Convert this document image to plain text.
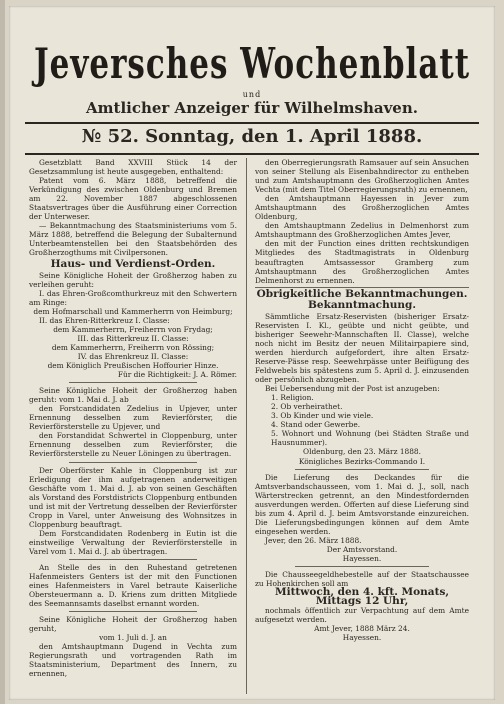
Jeversches Wochenblatt
und
Amtlicher Anzeiger für Wilhelmshaven.
№ 52. Sonntag, den 1. April 1888.

Gesetzblatt Band XXVIII Stück 14 der Gesetzsammlung ist heute ausgegeben, enthaltend:

Patent vom 6. März 1888, betreffend die Verkündigung des zwischen Oldenburg und Bremen am 22. November 1887 abgeschlossenen Staatsvertrages über die Ausführung einer Correction der Unterweser.

— Bekanntmachung des Staatsministeriums vom 5. März 1888, betreffend die Belegung der Subalternund Unterbeamtenstellen bei den Staatsbehörden des Großherzogthums mit Civilpersonen.

Haus- und Verdienst-Orden.

Seine Königliche Hoheit der Großherzog haben zu verleihen geruht:

I. das Ehren-Großcomthurkreuz mit den Schwertern am Ringe:

dem Hofmarschall und Kammerherrn von Heimburg;

II. das Ehren-Ritterkreuz I. Classe:

dem Kammerherrn, Freiherrn von Frydag;

III. das Ritterkreuz II. Classe:

dem Kammerherrn, Freiherrn von Rössing;

IV. das Ehrenkreuz II. Classe:

dem Königlich Preußischen Hoffourier Hinze.

Für die Richtigkeit: J. A. Römer.

Seine Königliche Hoheit der Großherzog haben geruht: vom 1. Mai d. J. ab

den Forstcandidaten Zedelius in Upjever, unter Ernennung desselben zum Revierförster, die Revierförsterstelle zu Upjever, und

den Forstandidat Schwertel in Cloppenburg, unter Ernennung desselben zum Revierförster, die Revierförsterstelle zu Neuer Löningen zu übertragen.

Der Oberförster Kahle in Cloppenburg ist zur Erledigung der ihm aufgetragenen anderweitigen Geschäfte vom 1. Mai d. J. ab von seinen Geschäften als Vorstand des Forstdistricts Cloppenburg entbunden und ist mit der Vertretung desselben der Revierförster Cropp in Varel, unter Anweisung des Wohnsitzes in Cloppenburg beauftragt.

Dem Forstcandidaten Rodenberg in Eutin ist die einstweilige Verwaltung der Revierförsterstelle in Varel vom 1. Mai d. J. ab übertragen.

An Stelle des in den Ruhestand getretenen Hafenmeisters Genters ist der mit den Functionen eines Hafenmeisters in Varel betraute Kaiserliche Obersteuermann a. D. Kriens zum dritten Mitgliede des Seemannsamts daselbst ernannt worden.

Seine Königliche Hoheit der Großherzog haben geruht,

vom 1. Juli d. J. an

den Amtshauptmann Dugend in Vechta zum Regierungsrath und vortragenden Rath im Staatsministerium, Department des Innern, zu ernennen,

den Oberregierungsrath Ramsauer auf sein Ansuchen von seiner Stellung als Eisenbahndirector zu entheben und zum Amtshauptmann des Großherzoglichen Amtes Vechta (mit dem Titel Oberregierungsrath) zu ernennen,

den Amtshauptmann Hayessen in Jever zum Amtshauptmann des Großherzoglichen Amtes Oldenburg,

den Amtshauptmann Zedelius in Delmenhorst zum Amtshauptmann des Großherzoglichen Amtes Jever,

den mit der Function eines dritten rechtskundigen Mitgliedes des Stadtmagistrats in Oldenburg beauftragten Amtsassessor Gramberg zum Amtshauptmann des Großherzoglichen Amtes Delmenhorst zu ernennen.

Obrigkeitliche Bekanntmachungen.

Bekanntmachung.

Sämmtliche Ersatz-Reservisten (bisheriger Ersatz-Reservisten I. Kl., geübte und nicht geübte, und bisheriger Seewehr-Mannschaften II. Classe), welche noch nicht im Besitz der neuen Militairpapiere sind, werden hierdurch aufgefordert, ihre alten Ersatz-Reserve-Pässe resp. Seewehrpässe unter Beifügung des Feldwebels bis spätestens zum 5. April d. J. einzusenden oder persönlich abzugeben.

Bei Uebersendung mit der Post ist anzugeben:

1. Religion.

2. Ob verheirathet.

3. Ob Kinder und wie viele.

4. Stand oder Gewerbe.

5. Wohnort und Wohnung (bei Städten Straße und Hausnummer).

Oldenburg, den 23. März 1888.

Königliches Bezirks-Commando I.

Die Lieferung des Deckandes für die Amtsverbandschausseen, vom 1. Mai d. J., soll, nach Wärterstrecken getrennt, an den Mindestfordernden ausverdungen werden. Offerten auf diese Lieferung sind bis zum 4. April d. J. beim Amtsvorstande einzureichen. Die Lieferungsbedingungen können auf dem Amte eingesehen werden.

Jever, den 26. März 1888.

Der Amtsvorstand.

Hayessen.

Die Chausseegeldhebestelle auf der Staatschaussee zu Hohenkirchen soll am

Mittwoch, den 4. kft. Monats,

Mittags 12 Uhr,

nochmals öffentlich zur Verpachtung auf dem Amte aufgesetzt werden.

Amt Jever, 1888 März 24.

Hayessen.
